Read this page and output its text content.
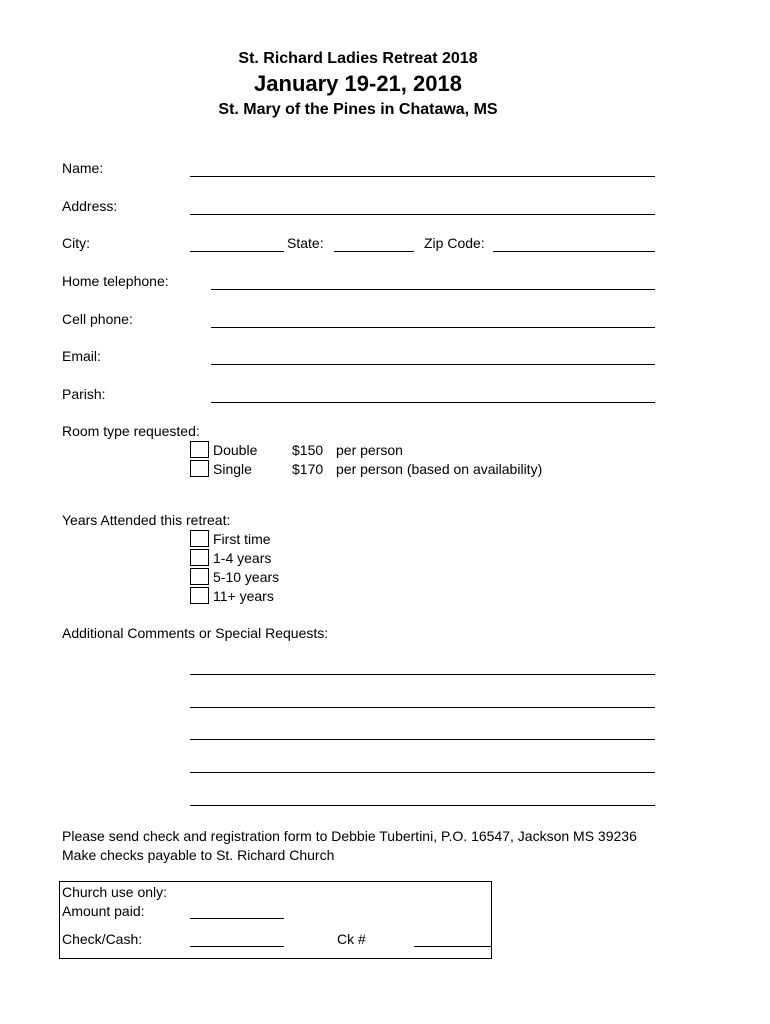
St. Richard Ladies Retreat 2018
January 19-21, 2018
St. Mary of the Pines in Chatawa, MS
Name:
Address:
City:	State:	Zip Code:
Home telephone:
Cell phone:
Email:
Parish:
Room type requested:
Double $150 per person
Single	$170 per person (based on availability)
Years Attended this retreat:
First time
1-4 years
5-10 years
11+ years
Additional Comments or Special Requests:
Please send check and registration form to Debbie Tubertini, P.O. 16547, Jackson MS 39236
Make checks payable to St. Richard Church
Church use only:
Amount paid:
Check/Cash:	Ck #
